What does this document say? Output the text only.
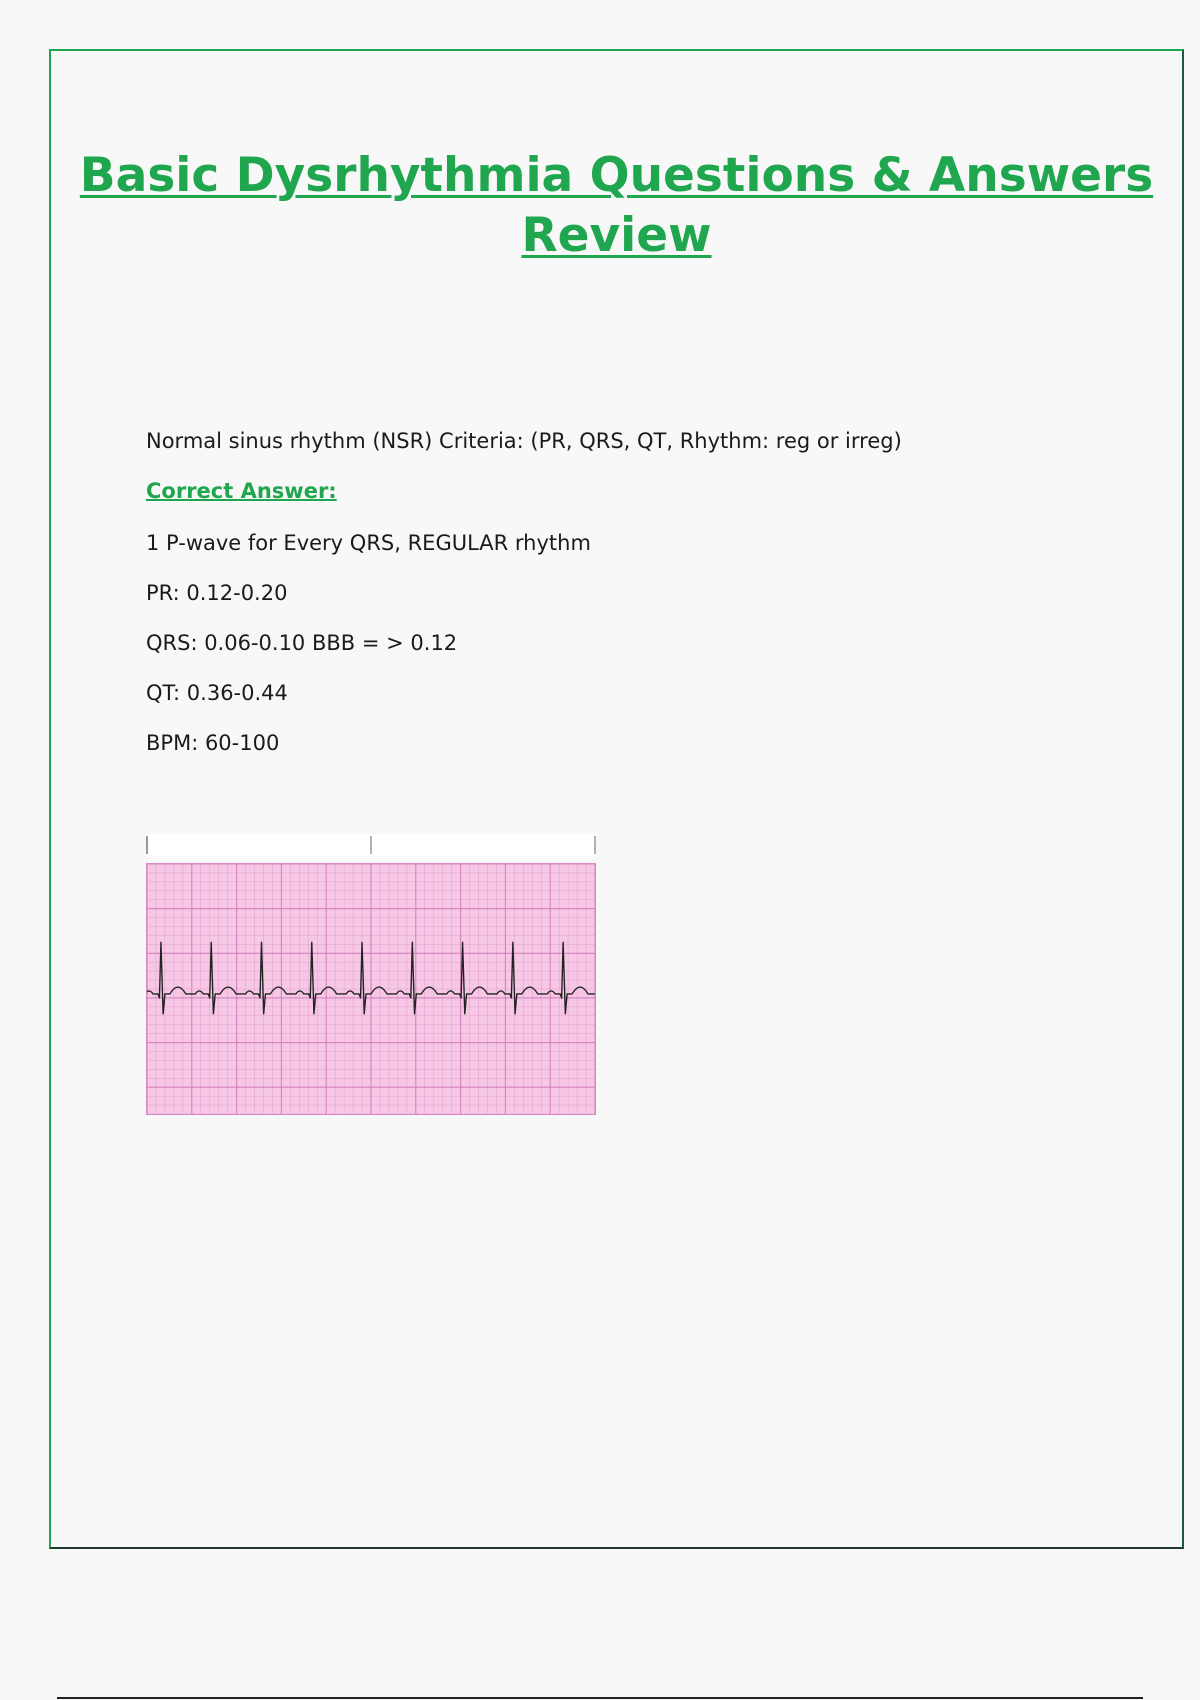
Basic Dysrhythmia Questions & Answers
Review

Normal sinus rhythm (NSR) Criteria: (PR, QRS, QT, Rhythm: reg or irreg)

Correct Answer:

1 P-wave for Every QRS, REGULAR rhythm

PR: 0.12-0.20

QRS: 0.06-0.10 BBB = > 0.12

QT: 0.36-0.44

BPM: 60-100
